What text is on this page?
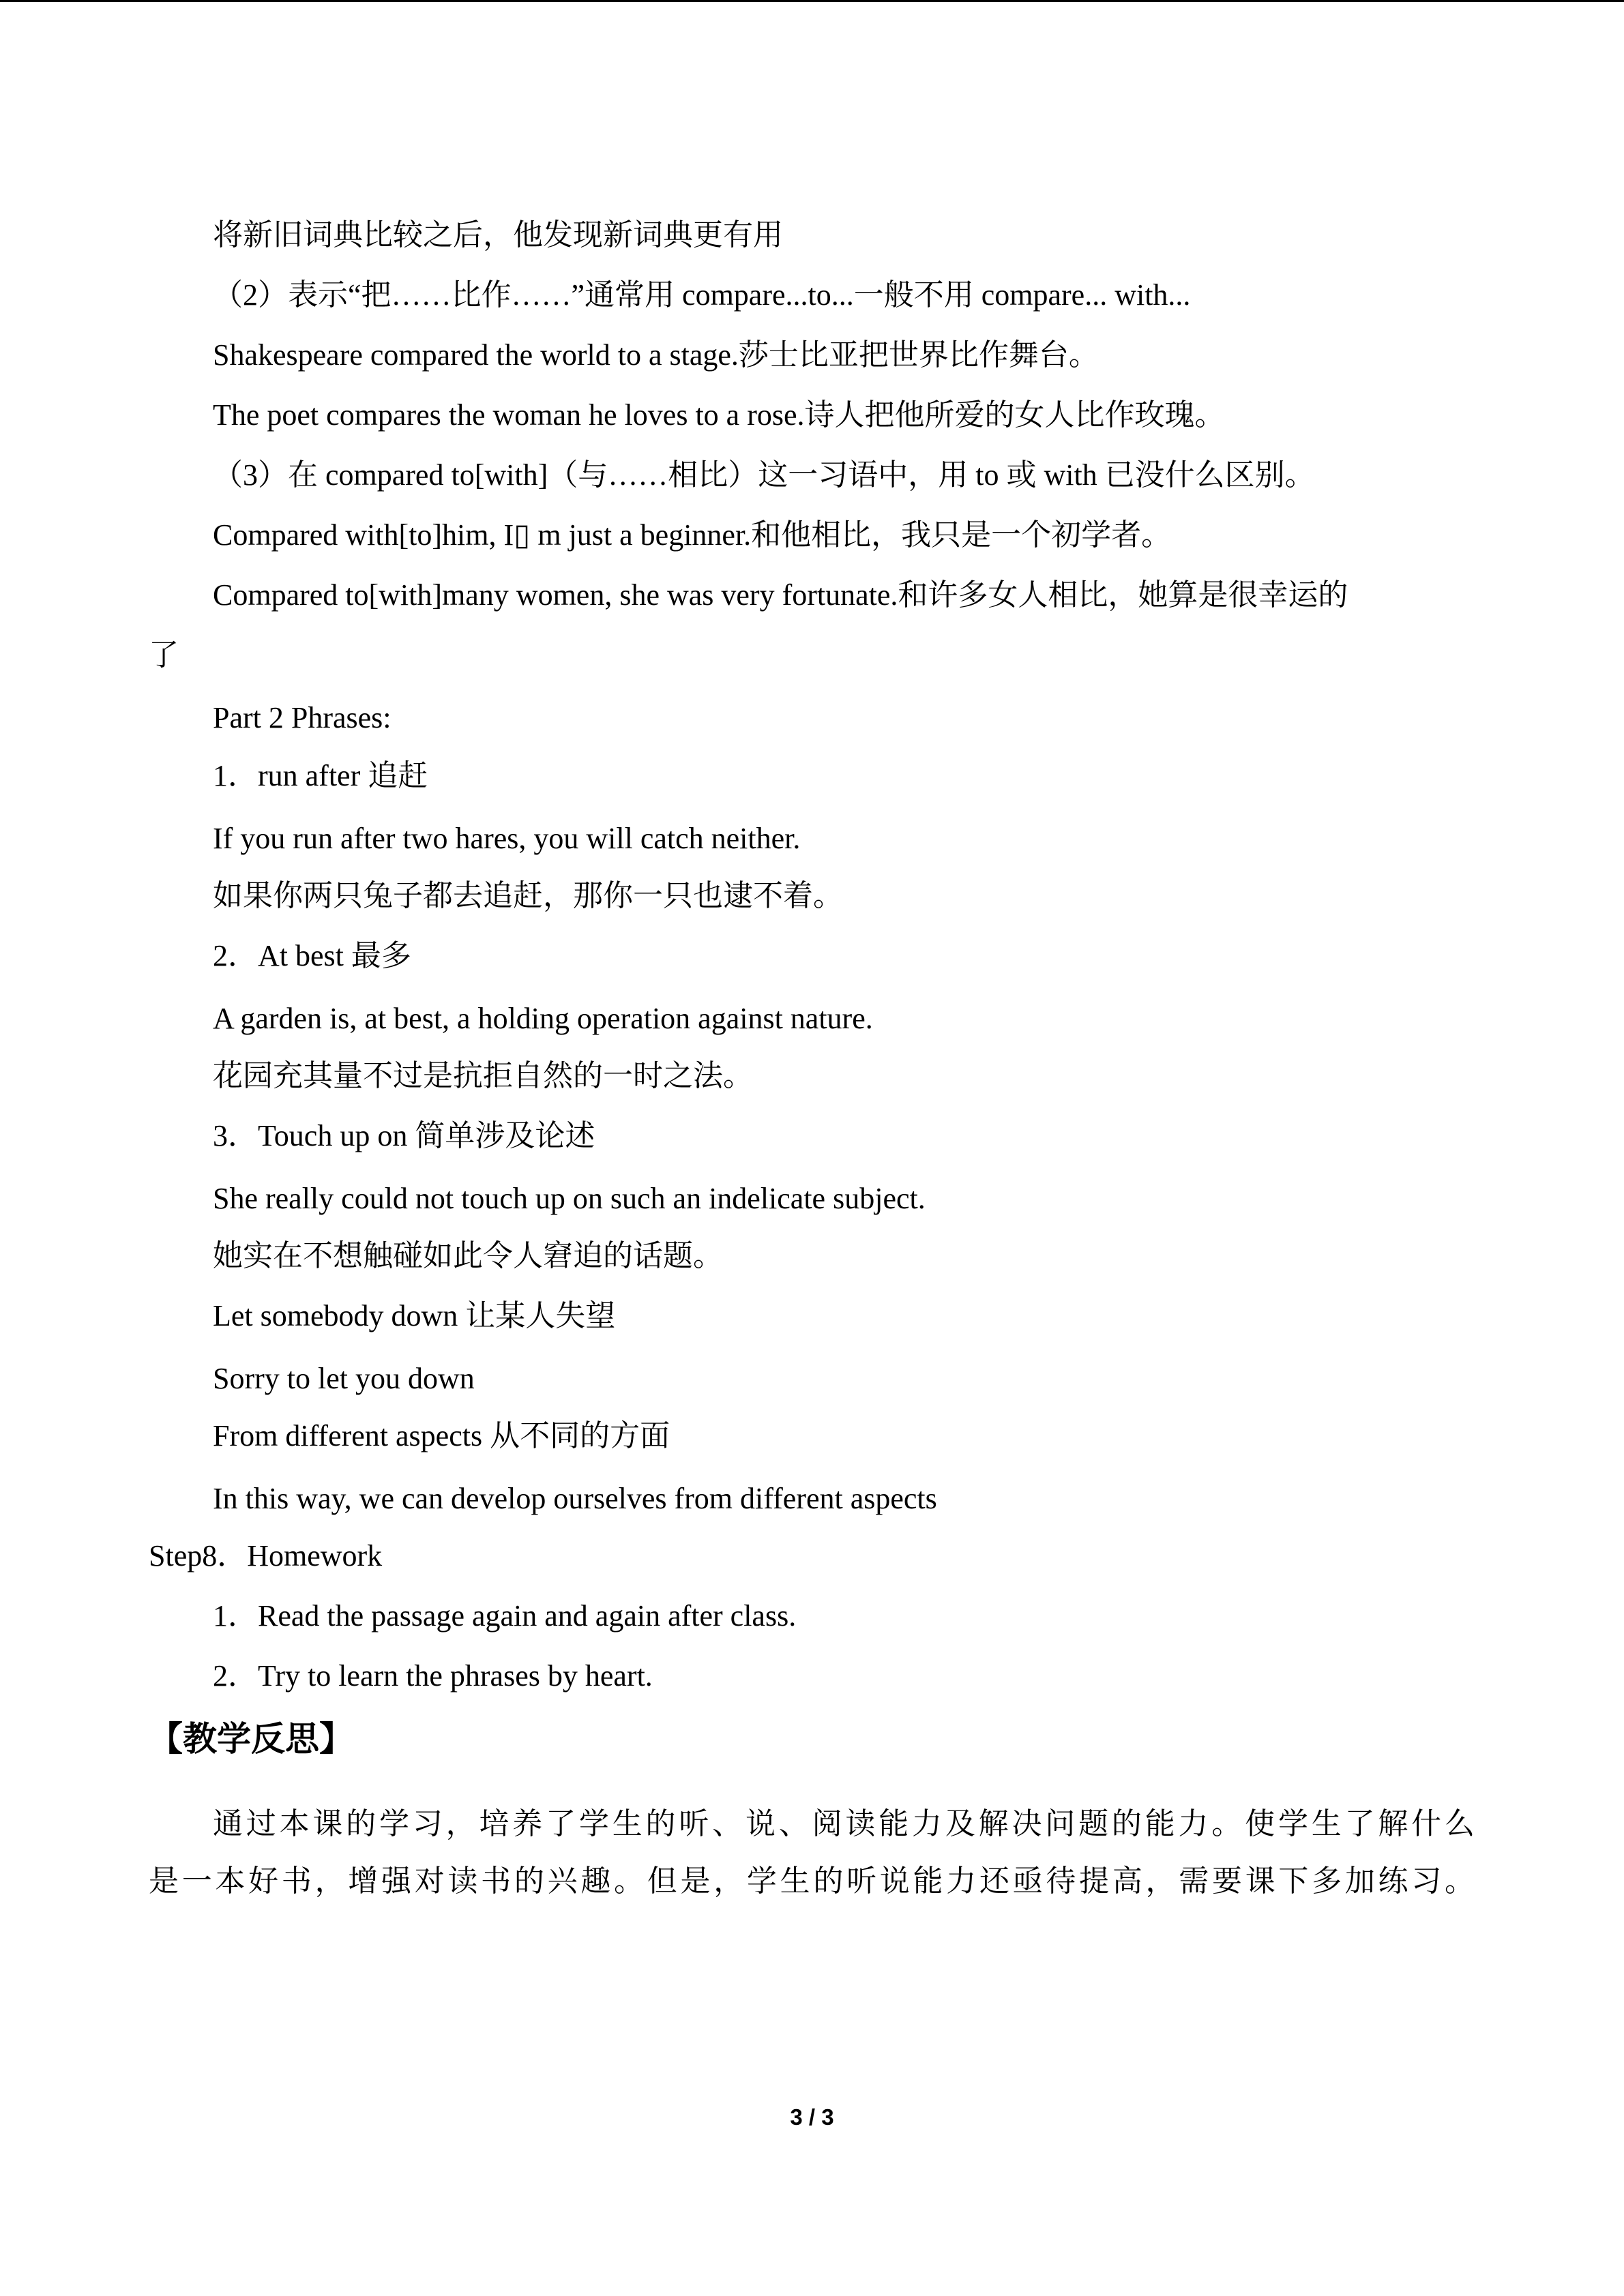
将新旧词典比较之后，他发现新词典更有用
（2）表示“把……比作……”通常用 compare...to...一般不用 compare... with...
Shakespeare compared the world to a stage.莎士比亚把世界比作舞台。
The poet compares the woman he loves to a rose.诗人把他所爱的女人比作玫瑰。
（3）在 compared to[with]（与……相比）这一习语中，用 to 或 with 已没什么区别。
Compared with[to]him, I▯ m just a beginner.和他相比，我只是一个初学者。
Compared to[with]many women, she was very fortunate.和许多女人相比，她算是很幸运的
了
Part 2 Phrases:
1．run after 追赶
If you run after two hares, you will catch neither.
如果你两只兔子都去追赶，那你一只也逮不着。
2．At best 最多
A garden is, at best, a holding operation against nature.
花园充其量不过是抗拒自然的一时之法。
3．Touch up on 简单涉及论述
She really could not touch up on such an indelicate subject.
她实在不想触碰如此令人窘迫的话题。
Let somebody down 让某人失望
Sorry to let you down
From different aspects 从不同的方面
In this way, we can develop ourselves from different aspects
Step8．Homework
1．Read the passage again and again after class.
2．Try to learn the phrases by heart.
【教学反思】
通过本课的学习，培养了学生的听、说、阅读能力及解决问题的能力。使学生了解什么
是一本好书，增强对读书的兴趣。但是，学生的听说能力还亟待提高，需要课下多加练习。
3 / 3
